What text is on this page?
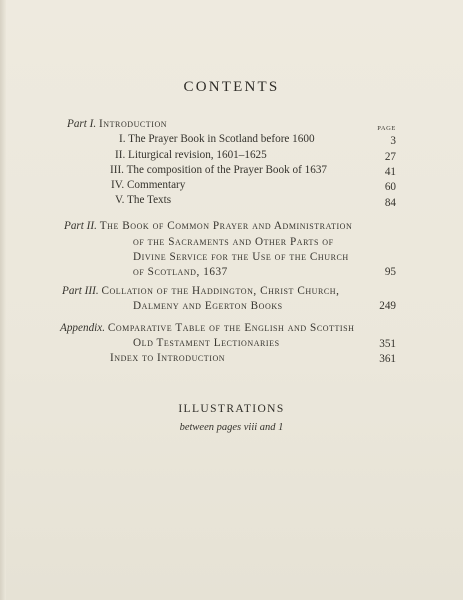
CONTENTS
PAGE
Part I. Introduction
I. The Prayer Book in Scotland before 1600	3
II. Liturgical revision, 1601–1625	27
III. The composition of the Prayer Book of 1637	41
IV. Commentary	60
V. The Texts	84
Part II. The Book of Common Prayer and Administration
of the Sacraments and Other Parts of
Divine Service for the Use of the Church
of Scotland, 1637	95
Part III. Collation of the Haddington, Christ Church,
Dalmeny and Egerton Books	249
Appendix. Comparative Table of the English and Scottish
Old Testament Lectionaries	351
Index to Introduction	361
ILLUSTRATIONS
between pages viii and 1
